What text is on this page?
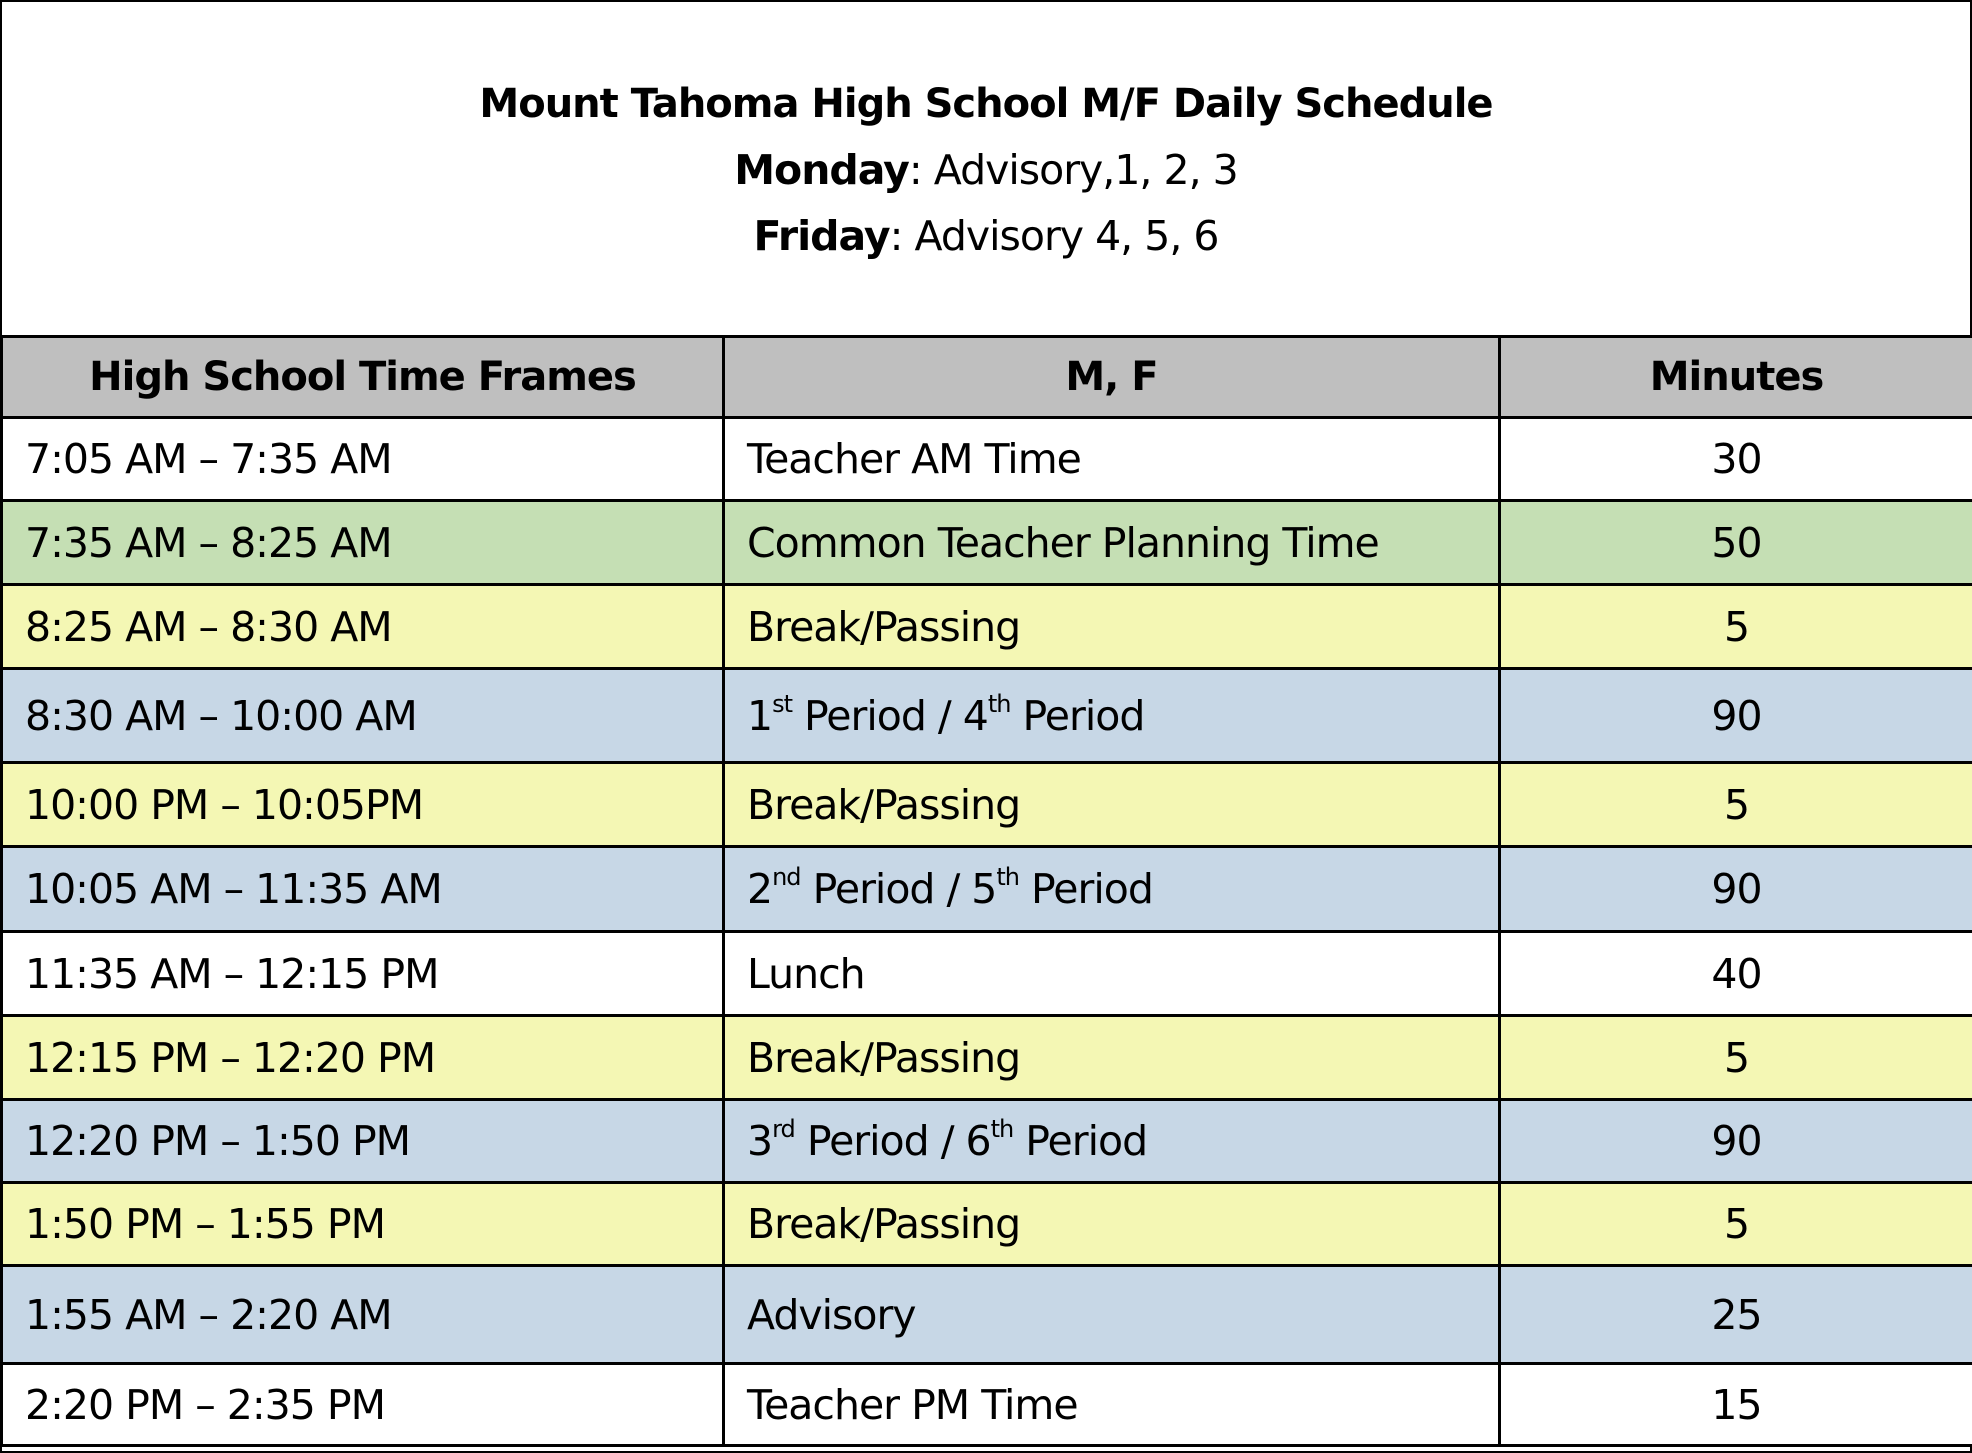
Mount Tahoma High School M/F Daily Schedule
Monday: Advisory,1, 2, 3
Friday: Advisory 4, 5, 6
High School Time Frames	M, F	Minutes
7:05 AM – 7:35 AM	Teacher AM Time	30
7:35 AM – 8:25 AM	Common Teacher Planning Time	50
8:25 AM – 8:30 AM	Break/Passing	5
8:30 AM – 10:00 AM	1st Period / 4th Period	90
10:00 PM – 10:05PM	Break/Passing	5
10:05 AM – 11:35 AM	2nd Period / 5th Period	90
11:35 AM – 12:15 PM	Lunch	40
12:15 PM – 12:20 PM	Break/Passing	5
12:20 PM – 1:50 PM	3rd Period / 6th Period	90
1:50 PM – 1:55 PM	Break/Passing	5
1:55 AM – 2:20 AM	Advisory	25
2:20 PM – 2:35 PM	Teacher PM Time	15
